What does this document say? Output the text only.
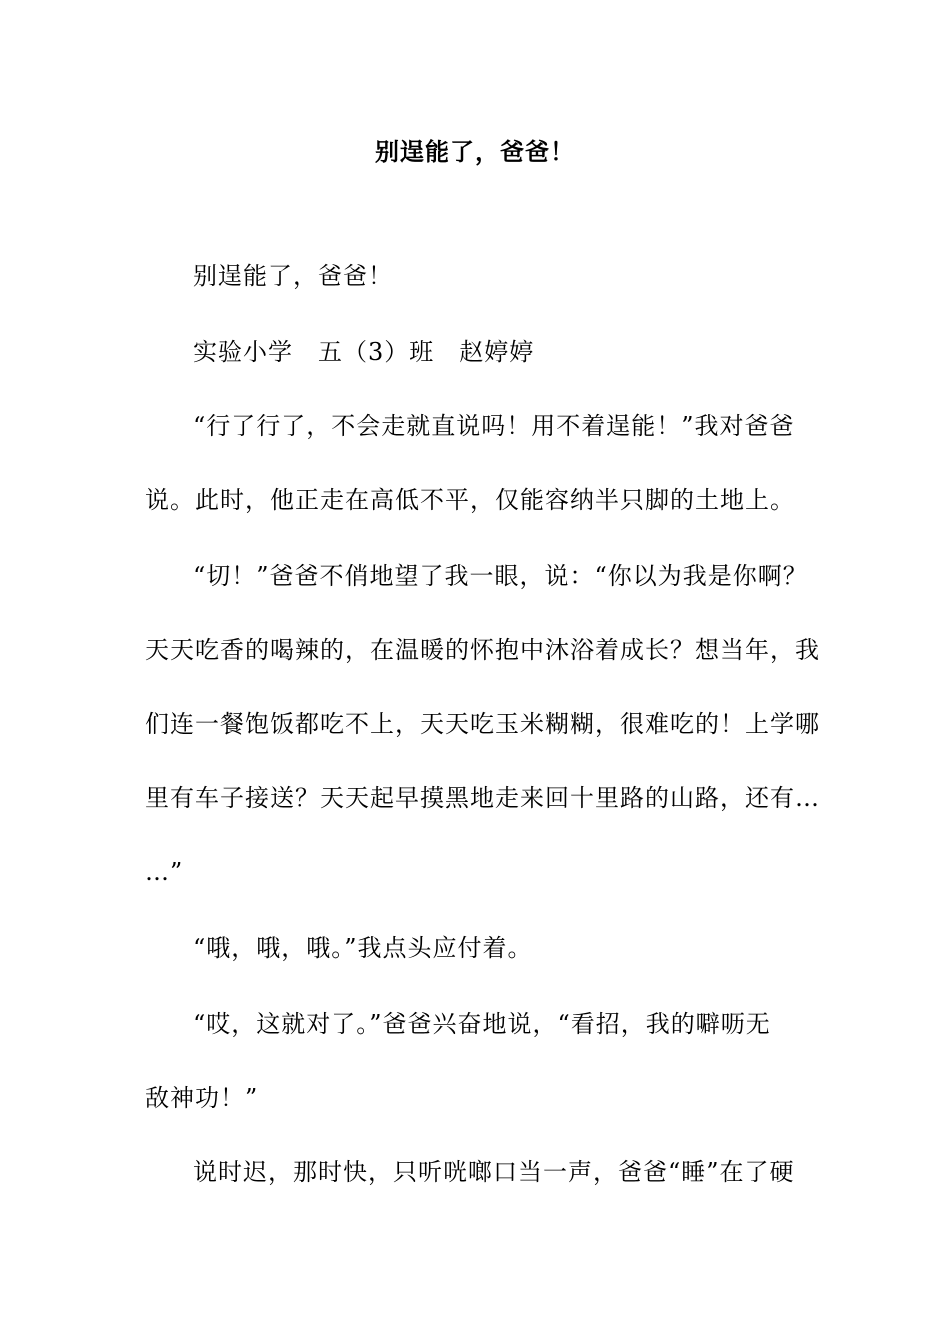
别逞能了，爸爸！
别逞能了，爸爸！
实验小学　五（3）班　赵婷婷
“行了行了，不会走就直说吗！用不着逞能！”我对爸爸
说。此时，他正走在高低不平，仅能容纳半只脚的土地上。
“切！”爸爸不俏地望了我一眼，说：“你以为我是你啊？
天天吃香的喝辣的，在温暖的怀抱中沐浴着成长？想当年，我
们连一餐饱饭都吃不上，天天吃玉米糊糊，很难吃的！上学哪
里有车子接送？天天起早摸黑地走来回十里路的山路，还有…
…”
“哦，哦，哦。”我点头应付着。
“哎，这就对了。”爸爸兴奋地说，“看招，我的噼呖无
敌神功！”
说时迟，那时快，只听咣啷口当一声，爸爸“睡”在了硬
